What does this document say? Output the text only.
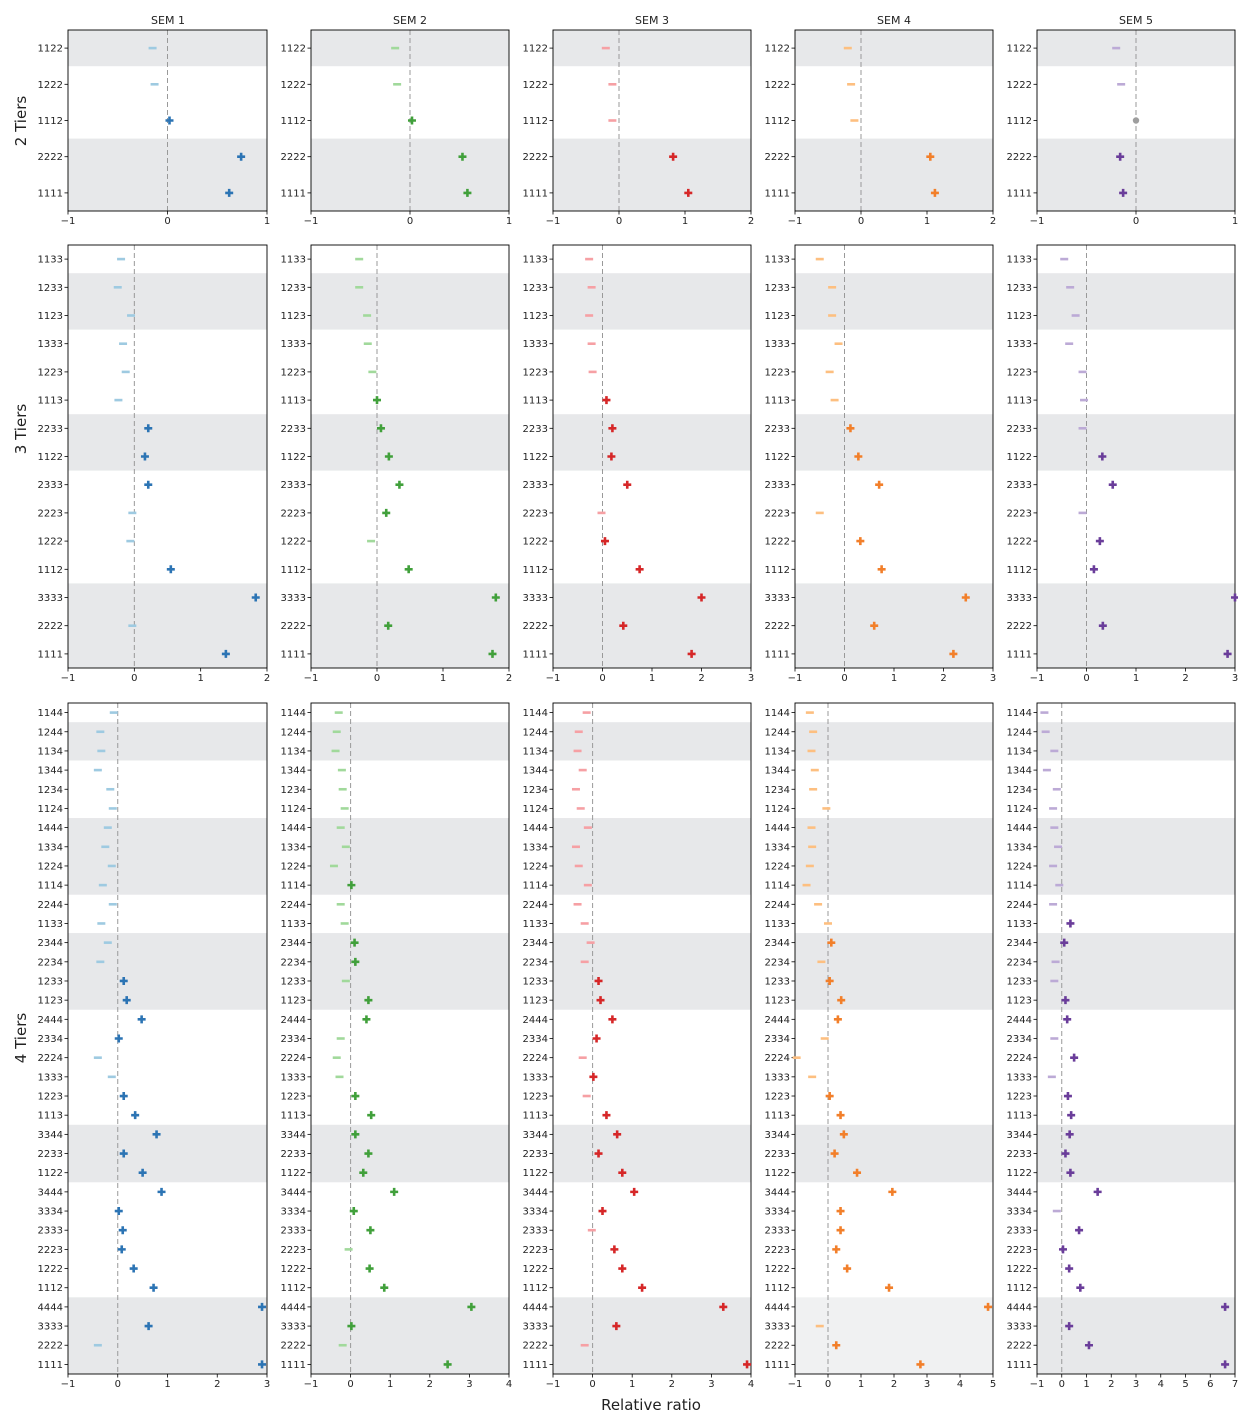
−1	0	1
1122
1222
1112
2222
1111
−1	0	1
1122
1222
1112
2222
1111
−1	0	1	2
1122
1222
1112
2222
1111
−1	0	1	2
1122
1222
1112
2222
1111
−1	0	1
1122
1222
1112
2222
1111
−1	0	1	2
1133
1233
1123
1333
1223
1113
2233
1122
2333
2223
1222
1112
3333
2222
1111
−1	0	1	2
1133
1233
1123
1333
1223
1113
2233
1122
2333
2223
1222
1112
3333
2222
1111
−1	0	1	2	3
1133
1233
1123
1333
1223
1113
2233
1122
2333
2223
1222
1112
3333
2222
1111
−1	0	1	2	3
1133
1233
1123
1333
1223
1113
2233
1122
2333
2223
1222
1112
3333
2222
1111
−1	0	1	2	3
1133
1233
1123
1333
1223
1113
2233
1122
2333
2223
1222
1112
3333
2222
1111
−1	0	1	2	3
1144
1244
1134
1344
1234
1124
1444
1334
1224
1114
2244
1133
2344
2234
1233
1123
2444
2334
2224
1333
1223
1113
3344
2233
1122
3444
3334
2333
2223
1222
1112
4444
3333
2222
1111
−1	0	1	2	3	4
1144
1244
1134
1344
1234
1124
1444
1334
1224
1114
2244
1133
2344
2234
1233
1123
2444
2334
2224
1333
1223
1113
3344
2233
1122
3444
3334
2333
2223
1222
1112
4444
3333
2222
1111
−1	0	1	2	3	4
1144
1244
1134
1344
1234
1124
1444
1334
1224
1114
2244
1133
2344
2234
1233
1123
2444
2334
2224
1333
1223
1113
3344
2233
1122
3444
3334
2333
2223
1222
1112
4444
3333
2222
1111
−1 0	1	2	3	4	5
1144
1244
1134
1344
1234
1124
1444
1334
1224
1114
2244
1133
2344
2234
1233
1123
2444
2334
2224
1333
1223
1113
3344
2233
1122
3444
3334
2333
2223
1222
1112
4444
3333
2222
1111
−1 0 1 2 3 4 5 6 7
1144
1244
1134
1344
1234
1124
1444
1334
1224
1114
2244
1133
2344
2234
1233
1123
2444
2334
2224
1333
1223
1113
3344
2233
1122
3444
3334
2333
2223
1222
1112
4444
3333
2222
1111
SEM 1	SEM 2	SEM 3	SEM 4	SEM 5
2 Tiers
3 Tiers
4 Tiers
Relative ratio
